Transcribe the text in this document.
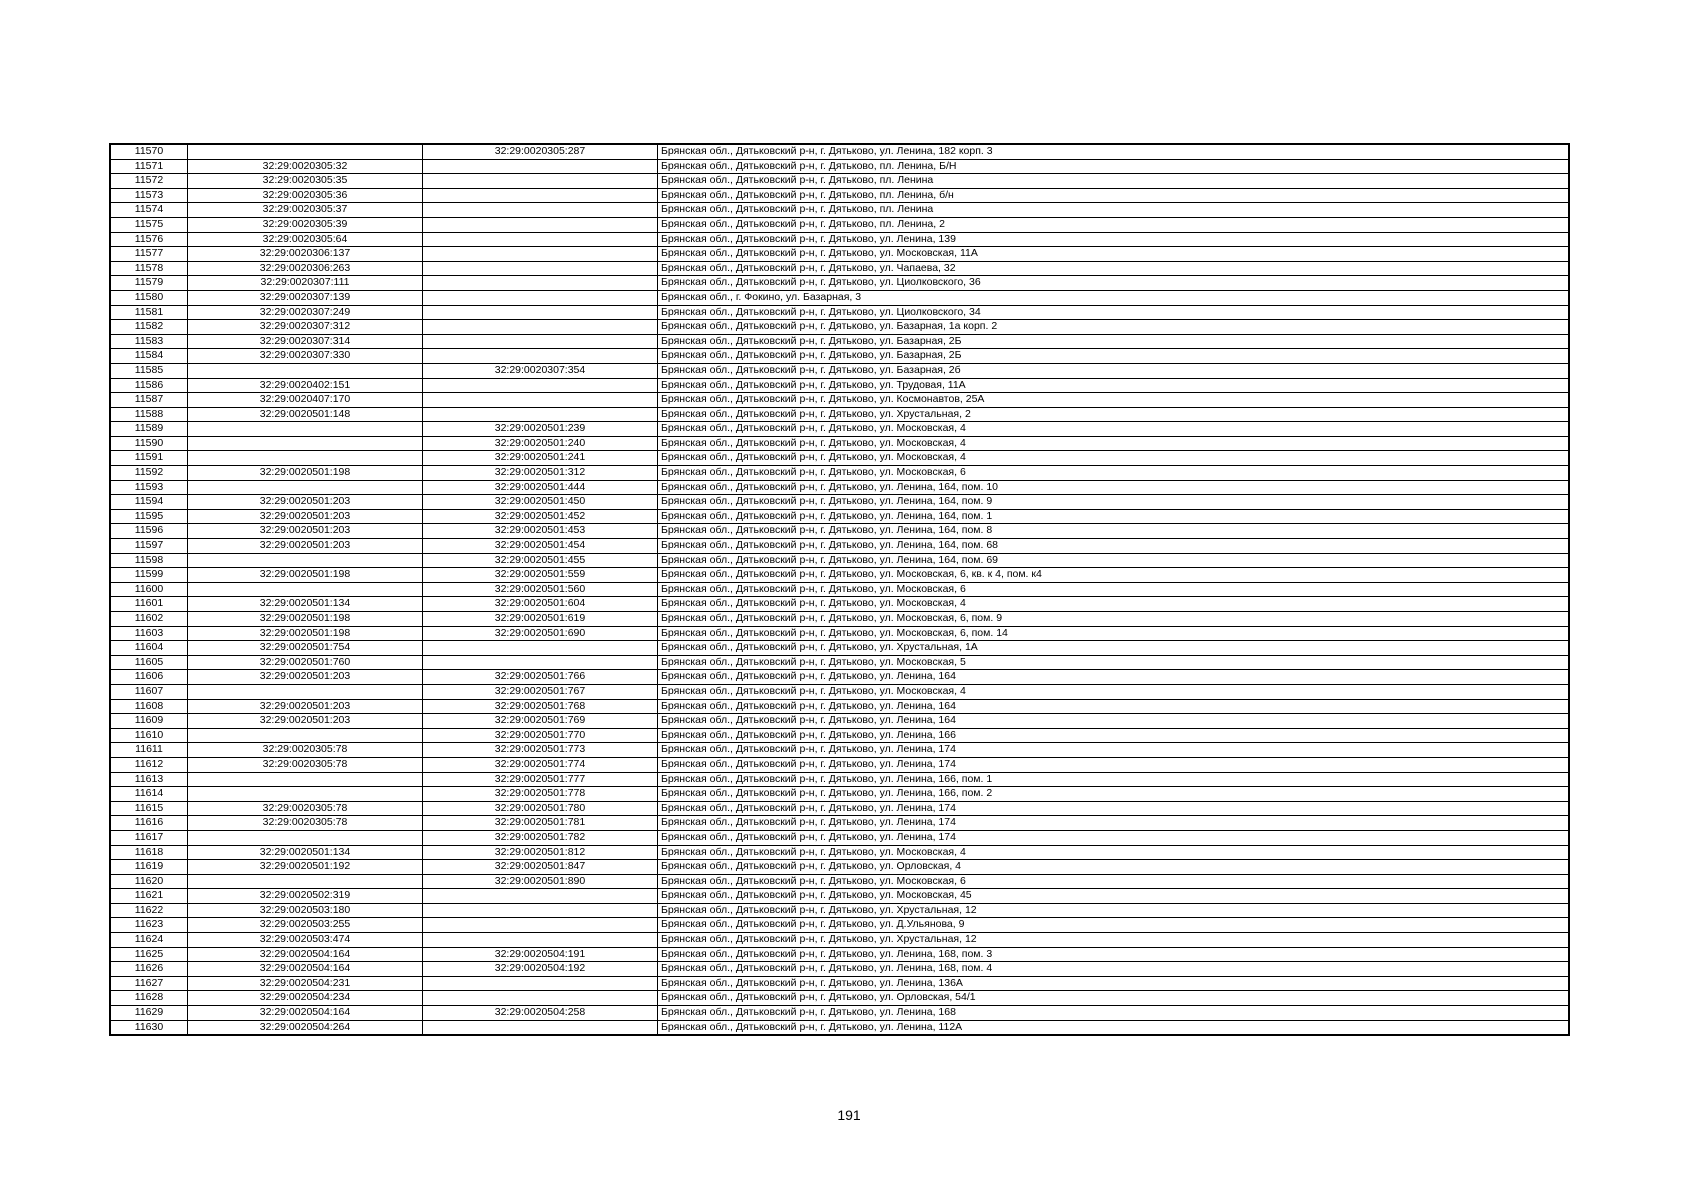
11570		32:29:0020305:287	Брянская обл., Дятьковский р-н, г. Дятьково, ул. Ленина, 182 корп. 3
11571	32:29:0020305:32		Брянская обл., Дятьковский р-н, г. Дятьково, пл. Ленина, Б/Н
11572	32:29:0020305:35		Брянская обл., Дятьковский р-н, г. Дятьково, пл. Ленина
11573	32:29:0020305:36		Брянская обл., Дятьковский р-н, г. Дятьково, пл. Ленина, б/н
11574	32:29:0020305:37		Брянская обл., Дятьковский р-н, г. Дятьково, пл. Ленина
11575	32:29:0020305:39		Брянская обл., Дятьковский р-н, г. Дятьково, пл. Ленина, 2
11576	32:29:0020305:64		Брянская обл., Дятьковский р-н, г. Дятьково, ул. Ленина, 139
11577	32:29:0020306:137		Брянская обл., Дятьковский р-н, г. Дятьково, ул. Московская, 11А
11578	32:29:0020306:263		Брянская обл., Дятьковский р-н, г. Дятьково, ул. Чапаева, 32
11579	32:29:0020307:111		Брянская обл., Дятьковский р-н, г. Дятьково, ул. Циолковского, 36
11580	32:29:0020307:139		Брянская обл., г. Фокино, ул. Базарная, 3
11581	32:29:0020307:249		Брянская обл., Дятьковский р-н, г. Дятьково, ул. Циолковского, 34
11582	32:29:0020307:312		Брянская обл., Дятьковский р-н, г. Дятьково, ул. Базарная, 1а корп. 2
11583	32:29:0020307:314		Брянская обл., Дятьковский р-н, г. Дятьково, ул. Базарная, 2Б
11584	32:29:0020307:330		Брянская обл., Дятьковский р-н, г. Дятьково, ул. Базарная, 2Б
11585		32:29:0020307:354	Брянская обл., Дятьковский р-н, г. Дятьково, ул. Базарная, 2б
11586	32:29:0020402:151		Брянская обл., Дятьковский р-н, г. Дятьково, ул. Трудовая, 11А
11587	32:29:0020407:170		Брянская обл., Дятьковский р-н, г. Дятьково, ул. Космонавтов, 25А
11588	32:29:0020501:148		Брянская обл., Дятьковский р-н, г. Дятьково, ул. Хрустальная, 2
11589		32:29:0020501:239	Брянская обл., Дятьковский р-н, г. Дятьково, ул. Московская, 4
11590		32:29:0020501:240	Брянская обл., Дятьковский р-н, г. Дятьково, ул. Московская, 4
11591		32:29:0020501:241	Брянская обл., Дятьковский р-н, г. Дятьково, ул. Московская, 4
11592	32:29:0020501:198	32:29:0020501:312	Брянская обл., Дятьковский р-н, г. Дятьково, ул. Московская, 6
11593		32:29:0020501:444	Брянская обл., Дятьковский р-н, г. Дятьково, ул. Ленина, 164, пом. 10
11594	32:29:0020501:203	32:29:0020501:450	Брянская обл., Дятьковский р-н, г. Дятьково, ул. Ленина, 164, пом. 9
11595	32:29:0020501:203	32:29:0020501:452	Брянская обл., Дятьковский р-н, г. Дятьково, ул. Ленина, 164, пом. 1
11596	32:29:0020501:203	32:29:0020501:453	Брянская обл., Дятьковский р-н, г. Дятьково, ул. Ленина, 164, пом. 8
11597	32:29:0020501:203	32:29:0020501:454	Брянская обл., Дятьковский р-н, г. Дятьково, ул. Ленина, 164, пом. 68
11598		32:29:0020501:455	Брянская обл., Дятьковский р-н, г. Дятьково, ул. Ленина, 164, пом. 69
11599	32:29:0020501:198	32:29:0020501:559	Брянская обл., Дятьковский р-н, г. Дятьково, ул. Московская, 6, кв. к 4, пом. к4
11600		32:29:0020501:560	Брянская обл., Дятьковский р-н, г. Дятьково, ул. Московская, 6
11601	32:29:0020501:134	32:29:0020501:604	Брянская обл., Дятьковский р-н, г. Дятьково, ул. Московская, 4
11602	32:29:0020501:198	32:29:0020501:619	Брянская обл., Дятьковский р-н, г. Дятьково, ул. Московская, 6, пом. 9
11603	32:29:0020501:198	32:29:0020501:690	Брянская обл., Дятьковский р-н, г. Дятьково, ул. Московская, 6, пом. 14
11604	32:29:0020501:754		Брянская обл., Дятьковский р-н, г. Дятьково, ул. Хрустальная, 1А
11605	32:29:0020501:760		Брянская обл., Дятьковский р-н, г. Дятьково, ул. Московская, 5
11606	32:29:0020501:203	32:29:0020501:766	Брянская обл., Дятьковский р-н, г. Дятьково, ул. Ленина, 164
11607		32:29:0020501:767	Брянская обл., Дятьковский р-н, г. Дятьково, ул. Московская, 4
11608	32:29:0020501:203	32:29:0020501:768	Брянская обл., Дятьковский р-н, г. Дятьково, ул. Ленина, 164
11609	32:29:0020501:203	32:29:0020501:769	Брянская обл., Дятьковский р-н, г. Дятьково, ул. Ленина, 164
11610		32:29:0020501:770	Брянская обл., Дятьковский р-н, г. Дятьково, ул. Ленина, 166
11611	32:29:0020305:78	32:29:0020501:773	Брянская обл., Дятьковский р-н, г. Дятьково, ул. Ленина, 174
11612	32:29:0020305:78	32:29:0020501:774	Брянская обл., Дятьковский р-н, г. Дятьково, ул. Ленина, 174
11613		32:29:0020501:777	Брянская обл., Дятьковский р-н, г. Дятьково, ул. Ленина, 166, пом. 1
11614		32:29:0020501:778	Брянская обл., Дятьковский р-н, г. Дятьково, ул. Ленина, 166, пом. 2
11615	32:29:0020305:78	32:29:0020501:780	Брянская обл., Дятьковский р-н, г. Дятьково, ул. Ленина, 174
11616	32:29:0020305:78	32:29:0020501:781	Брянская обл., Дятьковский р-н, г. Дятьково, ул. Ленина, 174
11617		32:29:0020501:782	Брянская обл., Дятьковский р-н, г. Дятьково, ул. Ленина, 174
11618	32:29:0020501:134	32:29:0020501:812	Брянская обл., Дятьковский р-н, г. Дятьково, ул. Московская, 4
11619	32:29:0020501:192	32:29:0020501:847	Брянская обл., Дятьковский р-н, г. Дятьково, ул. Орловская, 4
11620		32:29:0020501:890	Брянская обл., Дятьковский р-н, г. Дятьково, ул. Московская, 6
11621	32:29:0020502:319		Брянская обл., Дятьковский р-н, г. Дятьково, ул. Московская, 45
11622	32:29:0020503:180		Брянская обл., Дятьковский р-н, г. Дятьково, ул. Хрустальная, 12
11623	32:29:0020503:255		Брянская обл., Дятьковский р-н, г. Дятьково, ул. Д.Ульянова, 9
11624	32:29:0020503:474		Брянская обл., Дятьковский р-н, г. Дятьково, ул. Хрустальная, 12
11625	32:29:0020504:164	32:29:0020504:191	Брянская обл., Дятьковский р-н, г. Дятьково, ул. Ленина, 168, пом. 3
11626	32:29:0020504:164	32:29:0020504:192	Брянская обл., Дятьковский р-н, г. Дятьково, ул. Ленина, 168, пом. 4
11627	32:29:0020504:231		Брянская обл., Дятьковский р-н, г. Дятьково, ул. Ленина, 136А
11628	32:29:0020504:234		Брянская обл., Дятьковский р-н, г. Дятьково, ул. Орловская, 54/1
11629	32:29:0020504:164	32:29:0020504:258	Брянская обл., Дятьковский р-н, г. Дятьково, ул. Ленина, 168
11630	32:29:0020504:264		Брянская обл., Дятьковский р-н, г. Дятьково, ул. Ленина, 112А
191
